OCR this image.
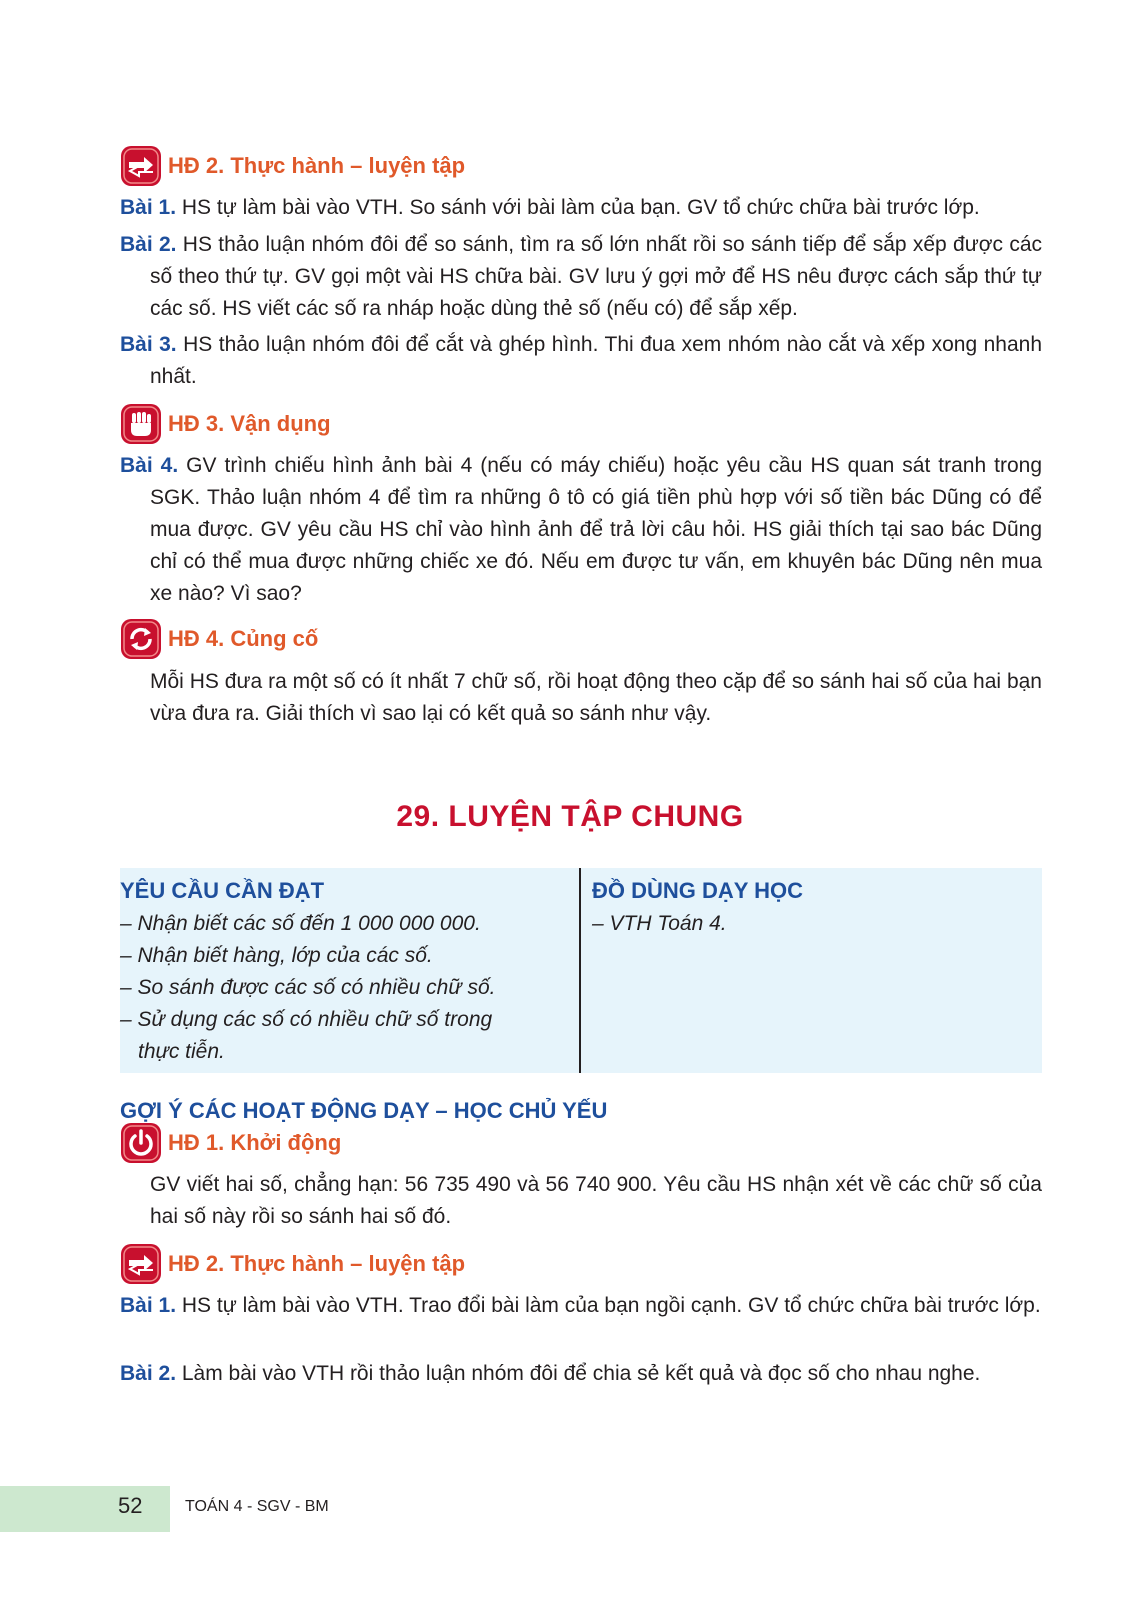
HĐ 2. Thực hành – luyện tập
Bài 1. HS tự làm bài vào VTH. So sánh với bài làm của bạn. GV tổ chức chữa bài trước lớp.
Bài 2. HS thảo luận nhóm đôi để so sánh, tìm ra số lớn nhất rồi so sánh tiếp để sắp xếp được các số theo thứ tự. GV gọi một vài HS chữa bài. GV lưu ý gợi mở để HS nêu được cách sắp thứ tự các số. HS viết các số ra nháp hoặc dùng thẻ số (nếu có) để sắp xếp.
Bài 3. HS thảo luận nhóm đôi để cắt và ghép hình. Thi đua xem nhóm nào cắt và xếp xong nhanh nhất.
HĐ 3. Vận dụng
Bài 4. GV trình chiếu hình ảnh bài 4 (nếu có máy chiếu) hoặc yêu cầu HS quan sát tranh trong SGK. Thảo luận nhóm 4 để tìm ra những ô tô có giá tiền phù hợp với số tiền bác Dũng có để mua được. GV yêu cầu HS chỉ vào hình ảnh để trả lời câu hỏi. HS giải thích tại sao bác Dũng chỉ có thể mua được những chiếc xe đó. Nếu em được tư vấn, em khuyên bác Dũng nên mua xe nào? Vì sao?
HĐ 4. Củng cố
Mỗi HS đưa ra một số có ít nhất 7 chữ số, rồi hoạt động theo cặp để so sánh hai số của hai bạn vừa đưa ra. Giải thích vì sao lại có kết quả so sánh như vậy.
29. LUYỆN TẬP CHUNG
YÊU CẦU CẦN ĐẠT
– Nhận biết các số đến 1 000 000 000.
– Nhận biết hàng, lớp của các số.
– So sánh được các số có nhiều chữ số.
– Sử dụng các số có nhiều chữ số trong thực tiễn.
ĐỒ DÙNG DẠY HỌC
– VTH Toán 4.
GỢI Ý CÁC HOẠT ĐỘNG DẠY – HỌC CHỦ YẾU
HĐ 1. Khởi động
GV viết hai số, chẳng hạn: 56 735 490 và 56 740 900. Yêu cầu HS nhận xét về các chữ số của hai số này rồi so sánh hai số đó.
HĐ 2. Thực hành – luyện tập
Bài 1. HS tự làm bài vào VTH. Trao đổi bài làm của bạn ngồi cạnh. GV tổ chức chữa bài trước lớp.
Bài 2. Làm bài vào VTH rồi thảo luận nhóm đôi để chia sẻ kết quả và đọc số cho nhau nghe.
52	TOÁN 4 - SGV - BM
